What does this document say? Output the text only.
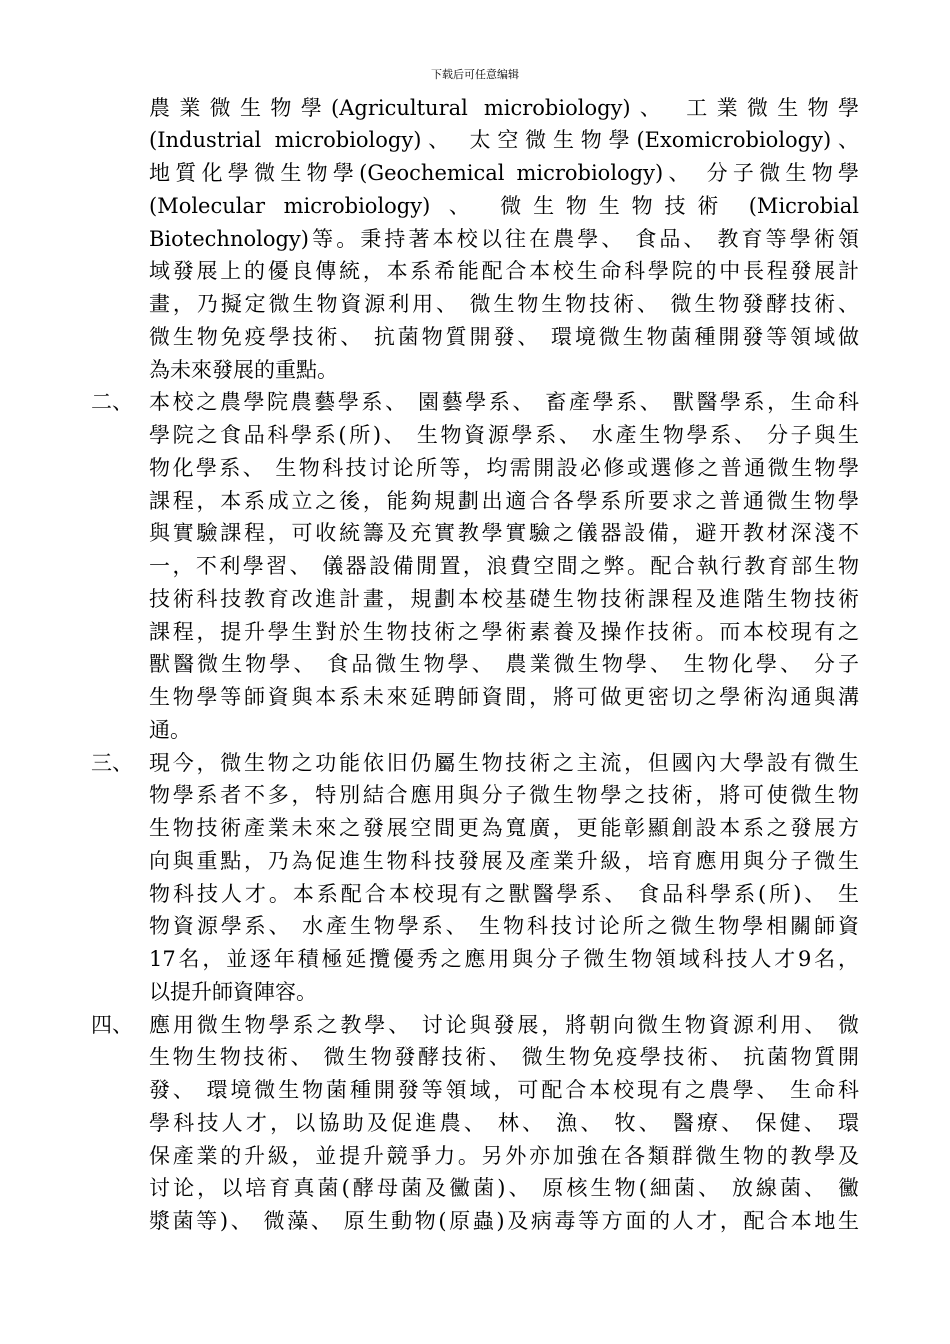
下载后可任意编辑
農業微生物學(Agricultural microbiology)、 工業微生物學
(Industrial microbiology)、 太空微生物學(Exomicrobiology)、
地質化學微生物學(Geochemical microbiology)、 分子微生物學
(Molecular microbiology) 、 微生物生物技術 (Microbial
Biotechnology)等。秉持著本校以往在農學、 食品、 教育等學術領
域發展上的優良傳統，本系希能配合本校生命科學院的中長程發展計
畫，乃擬定微生物資源利用、 微生物生物技術、 微生物發酵技術、
微生物免疫學技術、 抗菌物質開發、 環境微生物菌種開發等領域做
為未來發展的重點。
二、 本校之農學院農藝學系、 園藝學系、 畜產學系、 獸醫學系，生命科
學院之食品科學系(所)、 生物資源學系、 水產生物學系、 分子與生
物化學系、 生物科技讨论所等，均需開設必修或選修之普通微生物學
課程，本系成立之後，能夠規劃出適合各學系所要求之普通微生物學
與實驗課程，可收統籌及充實教學實驗之儀器設備，避开教材深淺不
一，不利學習、 儀器設備閒置，浪費空間之弊。配合執行教育部生物
技術科技教育改進計畫，規劃本校基礎生物技術課程及進階生物技術
課程，提升學生對於生物技術之學術素養及操作技術。而本校現有之
獸醫微生物學、 食品微生物學、 農業微生物學、 生物化學、 分子
生物學等師資與本系未來延聘師資間，將可做更密切之學術沟通與溝
通。
三、 現今，微生物之功能依旧仍屬生物技術之主流，但國內大學設有微生
物學系者不多，特別結合應用與分子微生物學之技術，將可使微生物
生物技術產業未來之發展空間更為寬廣，更能彰顯創設本系之發展方
向與重點，乃為促進生物科技發展及產業升級，培育應用與分子微生
物科技人才。本系配合本校現有之獸醫學系、 食品科學系(所)、 生
物資源學系、 水產生物學系、 生物科技讨论所之微生物學相關師資
17名，並逐年積極延攬優秀之應用與分子微生物領域科技人才9名，
以提升師資陣容。
四、 應用微生物學系之教學、 讨论與發展，將朝向微生物資源利用、 微
生物生物技術、 微生物發酵技術、 微生物免疫學技術、 抗菌物質開
發、 環境微生物菌種開發等領域，可配合本校現有之農學、 生命科
學科技人才，以協助及促進農、 林、 漁、 牧、 醫療、 保健、 環
保產業的升級，並提升競爭力。另外亦加強在各類群微生物的教學及
讨论，以培育真菌(酵母菌及黴菌)、 原核生物(細菌、 放線菌、 黴
漿菌等)、 微藻、 原生動物(原蟲)及病毒等方面的人才，配合本地生
